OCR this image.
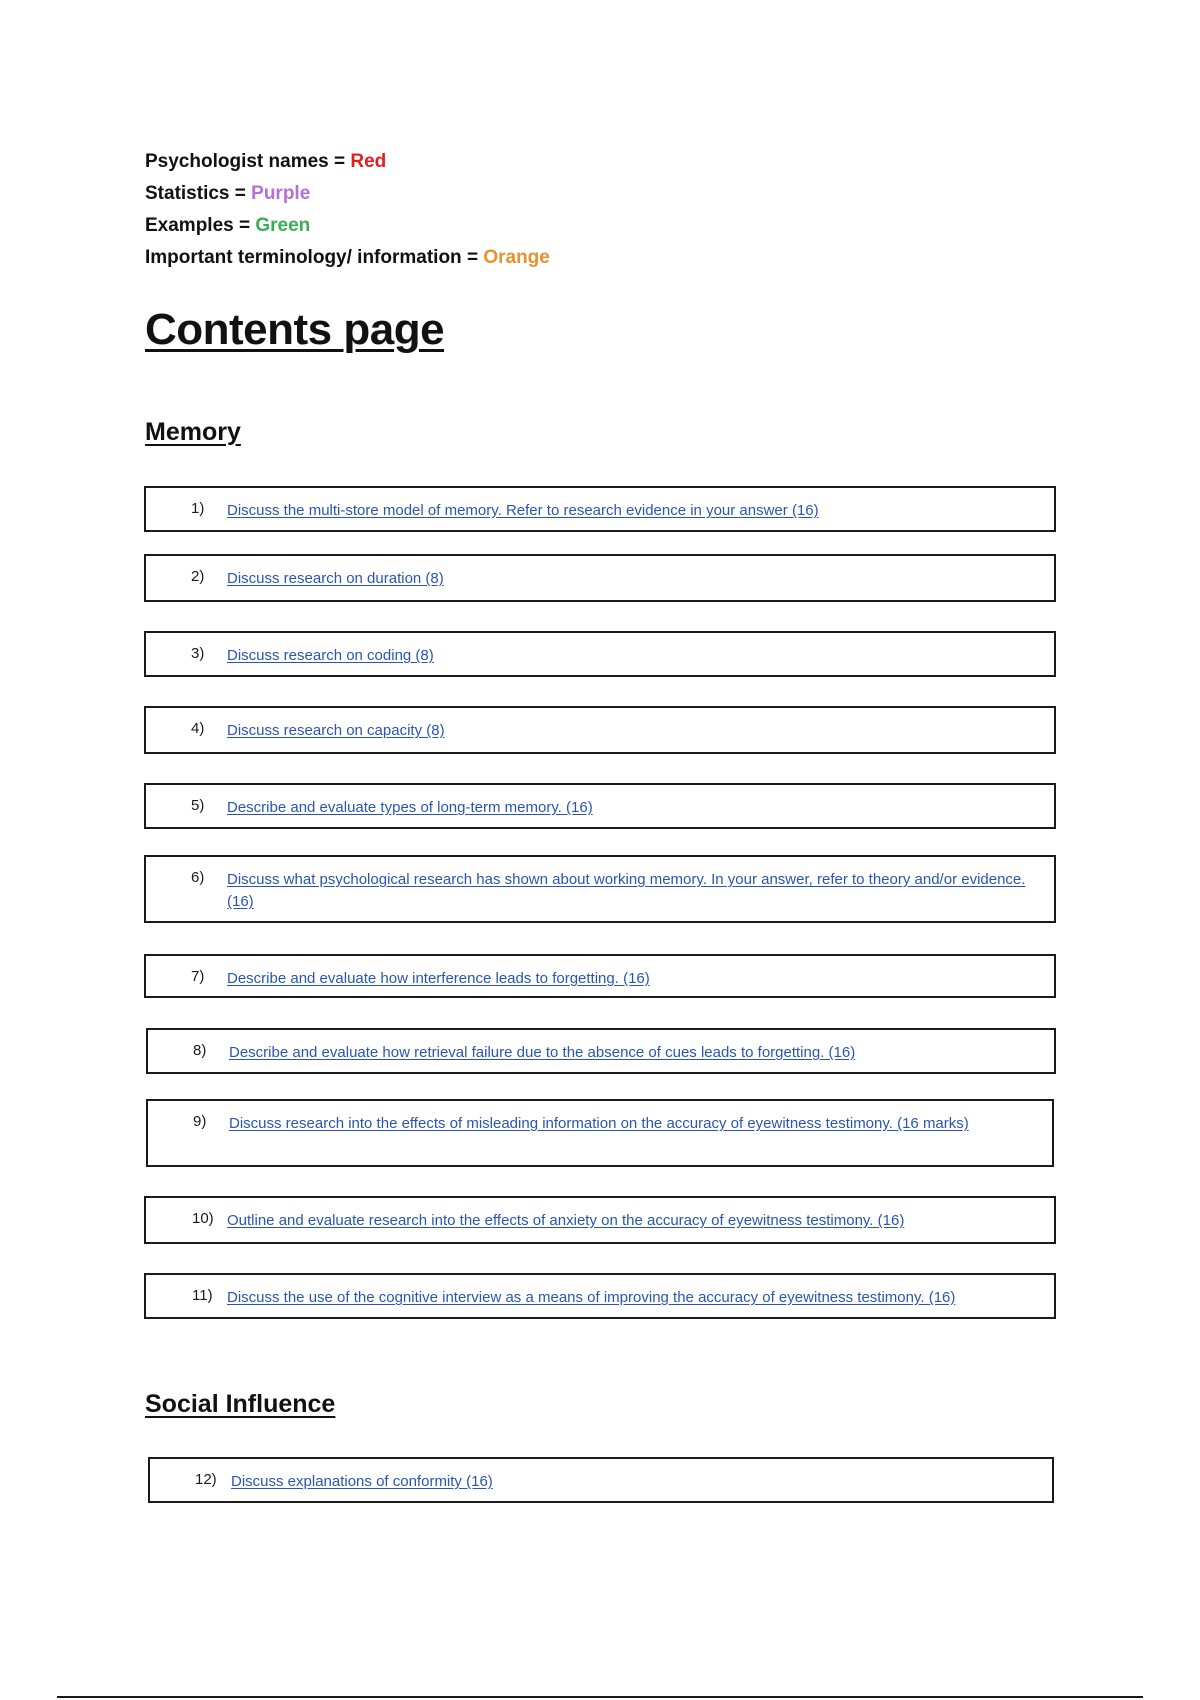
Psychologist names = Red
Statistics = Purple
Examples = Green
Important terminology/ information = Orange
Contents page
Memory
1) Discuss the multi-store model of memory. Refer to research evidence in your answer (16)
2) Discuss research on duration (8)
3) Discuss research on coding (8)
4) Discuss research on capacity (8)
5) Describe and evaluate types of long-term memory. (16)
6) Discuss what psychological research has shown about working memory. In your answer, refer to theory and/or evidence. (16)
7) Describe and evaluate how interference leads to forgetting. (16)
8) Describe and evaluate how retrieval failure due to the absence of cues leads to forgetting. (16)
9) Discuss research into the effects of misleading information on the accuracy of eyewitness testimony. (16 marks)
10) Outline and evaluate research into the effects of anxiety on the accuracy of eyewitness testimony. (16)
11) Discuss the use of the cognitive interview as a means of improving the accuracy of eyewitness testimony. (16)
Social Influence
12) Discuss explanations of conformity (16)
